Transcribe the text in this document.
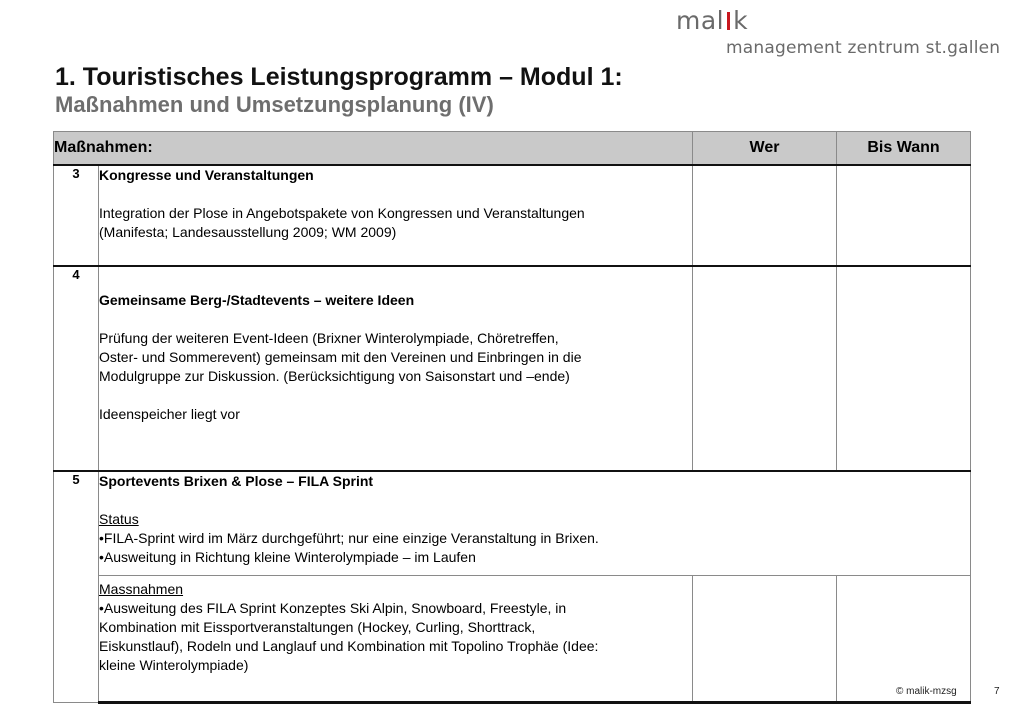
mal k
management zentrum st.gallen
1. Touristisches Leistungsprogramm – Modul 1:
Maßnahmen und Umsetzungsplanung (IV)
Maßnahmen:		Wer	Bis Wann
3	Kongresse und Veranstaltungen

Integration der Plose in Angebotspakete von Kongressen und Veranstaltungen

(Manifesta; Landesausstellung 2009; WM 2009)		

4	Gemeinsame Berg-/Stadtevents – weitere Ideen

Prüfung der weiteren Event-Ideen (Brixner Winterolympiade, Chöretreffen,

Oster- und Sommerevent) gemeinsam mit den Vereinen und Einbringen in die

Modulgruppe zur Diskussion. (Berücksichtigung von Saisonstart und –ende)

Ideenspeicher liegt vor		

5	Sportevents Brixen & Plose – FILA Sprint

Status

•FILA-Sprint wird im März durchgeführt; nur eine einzige Veranstaltung in Brixen.

•Ausweitung in Richtung kleine Winterolympiade – im Laufen		

	Massnahmen

•Ausweitung des FILA Sprint Konzeptes Ski Alpin, Snowboard, Freestyle, in

Kombination mit Eissportveranstaltungen (Hockey, Curling, Shorttrack,

Eiskunstlauf), Rodeln und Langlauf und Kombination mit Topolino Trophäe (Idee:

kleine Winterolympiade)		

© malik-mzsg	7
